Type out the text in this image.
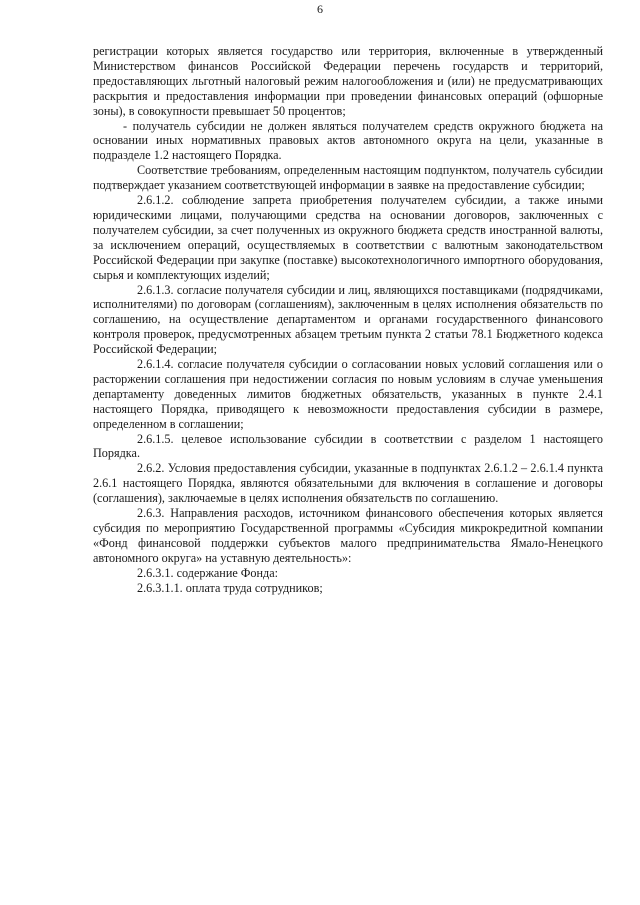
6

регистрации которых является государство или территория, включенные в утвержденный Министерством финансов Российской Федерации перечень государств и территорий, предоставляющих льготный налоговый режим налогообложения и (или) не предусматривающих раскрытия и предоставления информации при проведении финансовых операций (офшорные зоны), в совокупности превышает 50 процентов;

- получатель субсидии не должен являться получателем средств окружного бюджета на основании иных нормативных правовых актов автономного округа на цели, указанные в подразделе 1.2 настоящего Порядка.

Соответствие требованиям, определенным настоящим подпунктом, получатель субсидии подтверждает указанием соответствующей информации в заявке на предоставление субсидии;

2.6.1.2. соблюдение запрета приобретения получателем субсидии, а также иными юридическими лицами, получающими средства на основании договоров, заключенных с получателем субсидии, за счет полученных из окружного бюджета средств иностранной валюты, за исключением операций, осуществляемых в соответствии с валютным законодательством Российской Федерации при закупке (поставке) высокотехнологичного импортного оборудования, сырья и комплектующих изделий;

2.6.1.3. согласие получателя субсидии и лиц, являющихся поставщиками (подрядчиками, исполнителями) по договорам (соглашениям), заключенным в целях исполнения обязательств по соглашению, на осуществление департаментом и органами государственного финансового контроля проверок, предусмотренных абзацем третьим пункта 2 статьи 78.1 Бюджетного кодекса Российской Федерации;

2.6.1.4. согласие получателя субсидии о согласовании новых условий соглашения или о расторжении соглашения при недостижении согласия по новым условиям в случае уменьшения департаменту доведенных лимитов бюджетных обязательств, указанных в пункте 2.4.1 настоящего Порядка, приводящего к невозможности предоставления субсидии в размере, определенном в соглашении;

2.6.1.5. целевое использование субсидии в соответствии с разделом 1 настоящего Порядка.

2.6.2. Условия предоставления субсидии, указанные в подпунктах 2.6.1.2 – 2.6.1.4 пункта 2.6.1 настоящего Порядка, являются обязательными для включения в соглашение и договоры (соглашения), заключаемые в целях исполнения обязательств по соглашению.

2.6.3. Направления расходов, источником финансового обеспечения которых является субсидия по мероприятию Государственной программы «Субсидия микрокредитной компании «Фонд финансовой поддержки субъектов малого предпринимательства Ямало-Ненецкого автономного округа» на уставную деятельность»:

2.6.3.1. содержание Фонда:

2.6.3.1.1. оплата труда сотрудников;
